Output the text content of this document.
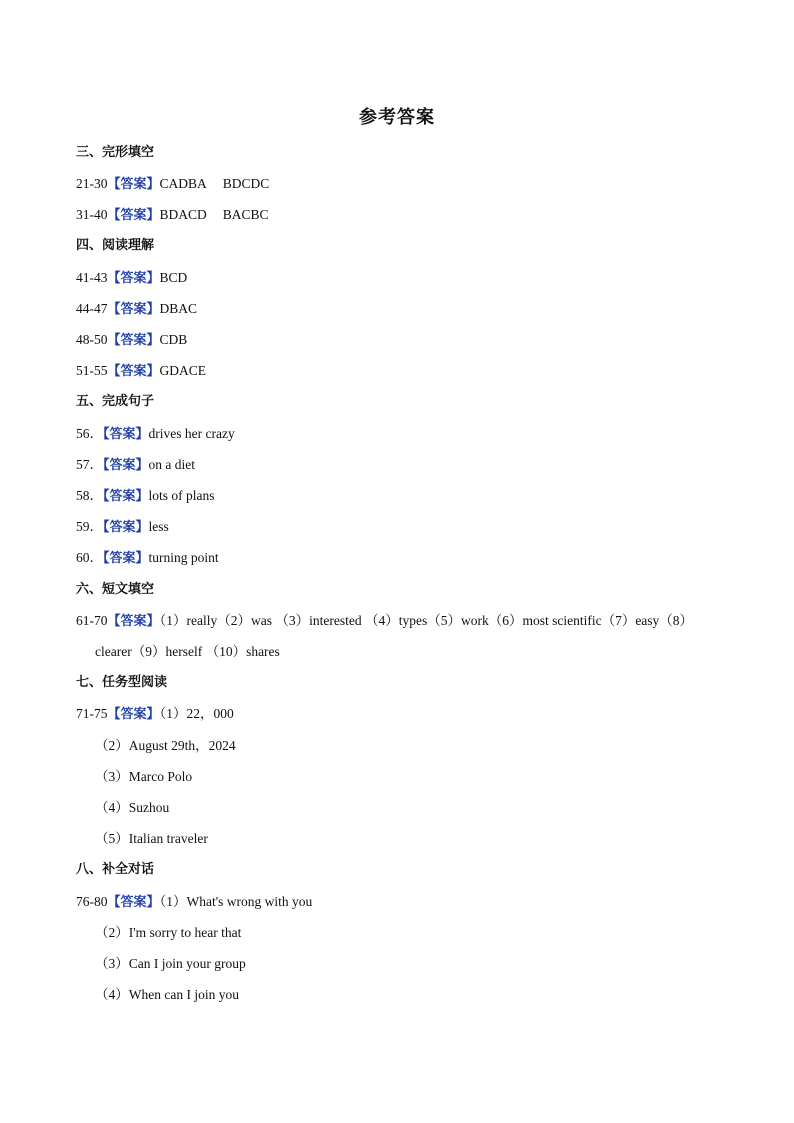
参考答案
三、完形填空
21-30【答案】CADBA BDCDC
31-40【答案】BDACD BACBC
四、阅读理解
41-43【答案】BCD
44-47【答案】DBAC
48-50【答案】CDB
51-55【答案】GDACE
五、完成句子
56．【答案】drives her crazy
57．【答案】on a diet
58．【答案】lots of plans
59．【答案】less
60．【答案】turning point
六、短文填空
61-70【答案】（1）really（2）was （3）interested （4）types（5）work（6）most scientific（7）easy（8）
clearer（9）herself （10）shares
七、任务型阅读
71-75【答案】（1）22，000
（2）August 29th，2024
（3）Marco Polo
（4）Suzhou
（5）Italian traveler
八、补全对话
76-80【答案】（1）What's wrong with you
（2）I'm sorry to hear that
（3）Can I join your group
（4）When can I join you
